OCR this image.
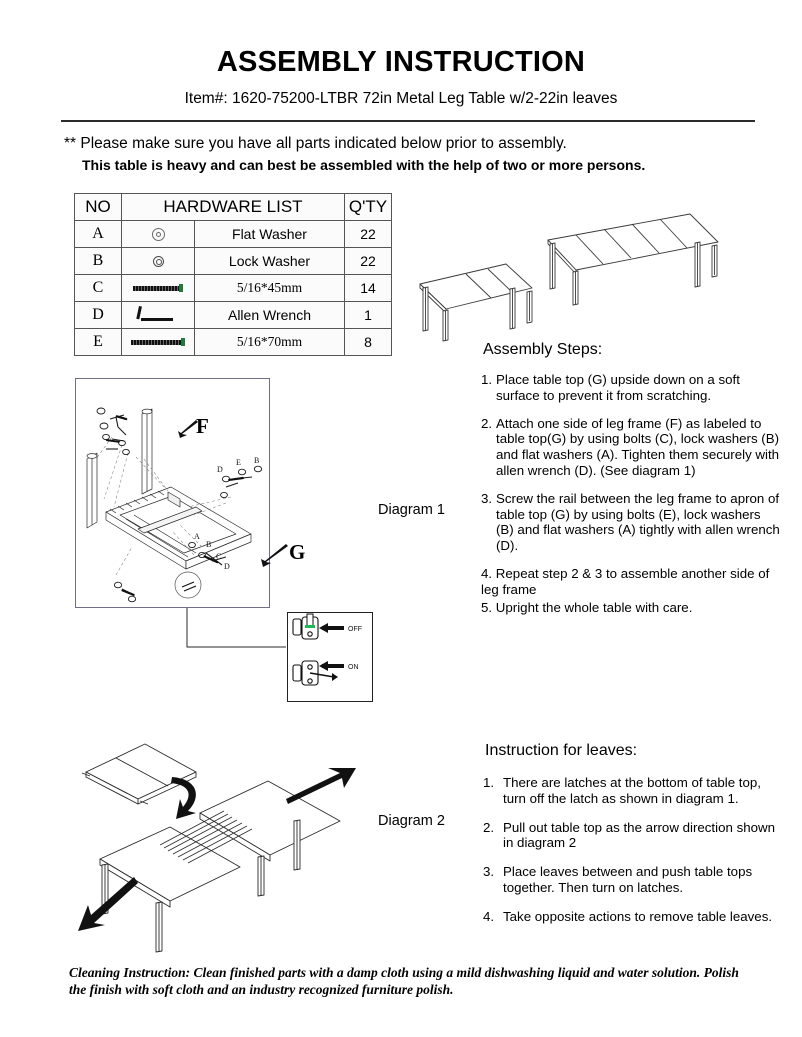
ASSEMBLY INSTRUCTION
Item#: 1620-75200-LTBR 72in Metal Leg Table w/2-22in leaves
** Please make sure you have all parts indicated below prior to assembly.
This table is heavy and can best be assembled with the help of two or more persons.
NO	HARDWARE LIST		Q'TY
A		Flat Washer	22
B		Lock Washer	22
C		5/16*45mm	14
D		Allen Wrench	1
E		5/16*70mm	8
A
B
C
D
D
E B
F
G
Diagram 1
OFF
ON
Assembly Steps:
1. Place table top (G) upside down on a soft surface to prevent it from scratching.
2. Attach one side of leg frame (F) as labeled to table top(G) by using bolts (C), lock washers (B) and flat washers (A). Tighten them securely with allen wrench (D). (See diagram 1)
3. Screw the rail between the leg frame to apron of table top (G) by using bolts (E), lock washers (B) and flat washers (A) tightly with allen wrench (D).
4. Repeat step 2 & 3 to assemble another side of leg frame
5. Upright the whole table with care.
Diagram 2
Instruction for leaves:
1. There are latches at the bottom of table top, turn off the latch as shown in diagram 1.
2. Pull out table top as the arrow direction shown in diagram 2
3. Place leaves between and push table tops together. Then turn on latches.
4. Take opposite actions to remove table leaves.
Cleaning Instruction: Clean finished parts with a damp cloth using a mild dishwashing liquid and water solution. Polish the finish with soft cloth and an industry recognized furniture polish.
